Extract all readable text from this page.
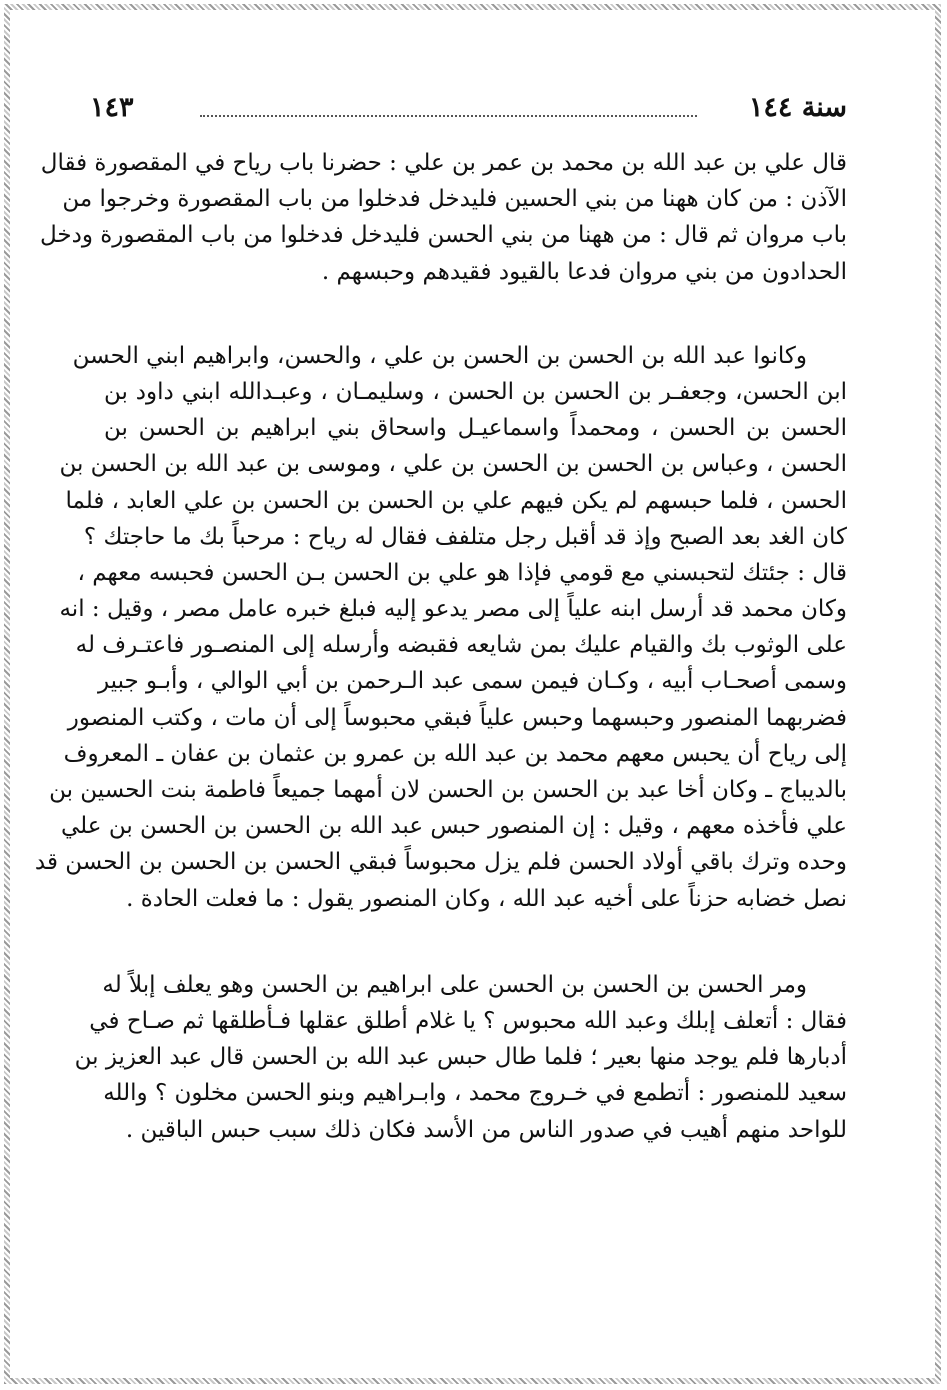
سنة ١٤٤
١٤٣
قال علي بن عبد الله بن محمد بن عمر بن علي : حضرنا باب رياح في المقصورة فقال
الآذن : من كان ههنا من بني الحسين فليدخل فدخلوا من باب المقصورة وخرجوا من
باب مروان ثم قال : من ههنا من بني الحسن فليدخل فدخلوا من باب المقصورة ودخل
الحدادون من بني مروان فدعا بالقيود فقيدهم وحبسهم .
وكانوا عبد الله بن الحسن بن الحسن بن علي ، والحسن، وابراهيم ابني الحسن
ابن الحسن، وجعفـر بن الحسن بن الحسن ، وسليمـان ، وعبـدالله ابني داود بن
الحسن بن الحسن ، ومحمداً واسماعيـل واسحاق بني ابراهيم بن الحسن بن
الحسن ، وعباس بن الحسن بن الحسن بن علي ، وموسى بن عبد الله بن الحسن بن
الحسن ، فلما حبسهم لم يكن فيهم علي بن الحسن بن الحسن بن علي العابد ، فلما
كان الغد بعد الصبح وإذ قد أقبل رجل متلفف فقال له رياح : مرحباً بك ما حاجتك ؟
قال : جئتك لتحبسني مع قومي فإذا هو علي بن الحسن بـن الحسن فحبسه معهم ،
وكان محمد قد أرسل ابنه علياً إلى مصر يدعو إليه فبلغ خبره عامل مصر ، وقيل : انه
على الوثوب بك والقيام عليك بمن شايعه فقبضه وأرسله إلى المنصـور فاعتـرف له
وسمى أصحـاب أبيه ، وكـان فيمن سمى عبد الـرحمن بن أبي الوالي ، وأبـو جبير
فضربهما المنصور وحبسهما وحبس علياً فبقي محبوساً إلى أن مات ، وكتب المنصور
إلى رياح أن يحبس معهم محمد بن عبد الله بن عمرو بن عثمان بن عفان ـ المعروف
بالديباج ـ وكان أخا عبد بن الحسن بن الحسن لان أمهما جميعاً فاطمة بنت الحسين بن
علي فأخذه معهم ، وقيل : إن المنصور حبس عبد الله بن الحسن بن الحسن بن علي
وحده وترك باقي أولاد الحسن فلم يزل محبوساً فبقي الحسن بن الحسن بن الحسن قد
نصل خضابه حزناً على أخيه عبد الله ، وكان المنصور يقول : ما فعلت الحادة .
ومر الحسن بن الحسن بن الحسن على ابراهيم بن الحسن وهو يعلف إبلاً له
فقال : أتعلف إبلك وعبد الله محبوس ؟ يا غلام أطلق عقلها فـأطلقها ثم صـاح في
أدبارها فلم يوجد منها بعير ؛ فلما طال حبس عبد الله بن الحسن قال عبد العزيز بن
سعيد للمنصور : أتطمع في خـروج محمد ، وابـراهيم وبنو الحسن مخلون ؟ والله
للواحد منهم أهيب في صدور الناس من الأسد فكان ذلك سبب حبس الباقين .
